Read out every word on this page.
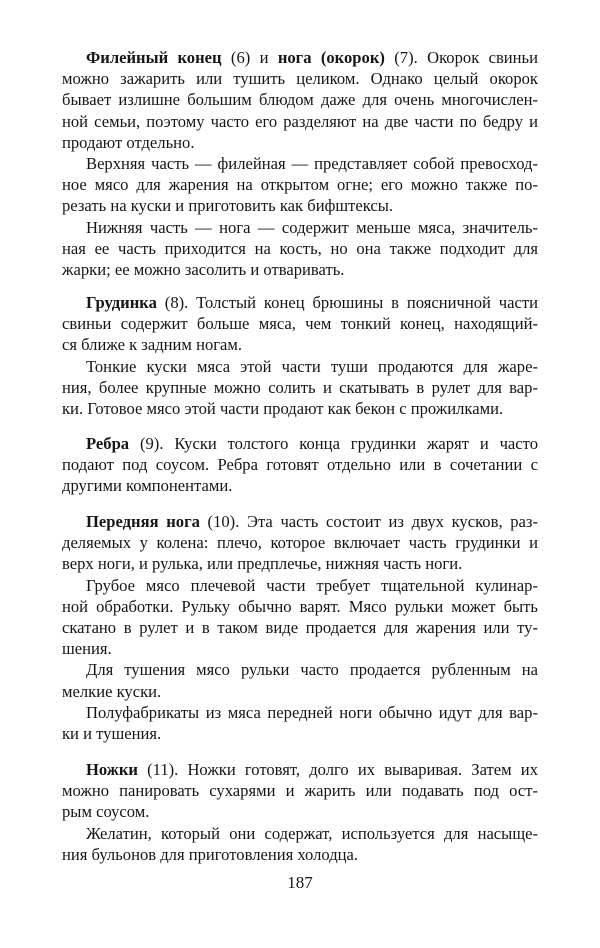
Филейный конец (6) и нога (окорок) (7). Окорок свиньи
можно зажарить или тушить целиком. Однако целый окорок
бывает излишне большим блюдом даже для очень многочислен-
ной семьи, поэтому часто его разделяют на две части по бедру и
продают отдельно.
Верхняя часть — филейная — представляет собой превосход-
ное мясо для жарения на открытом огне; его можно также по-
резать на куски и приготовить как бифштексы.
Нижняя часть — нога — содержит меньше мяса, значитель-
ная ее часть приходится на кость, но она также подходит для
жарки; ее можно засолить и отваривать.
Грудинка (8). Толстый конец брюшины в поясничной части
свиньи содержит больше мяса, чем тонкий конец, находящий-
ся ближе к задним ногам.
Тонкие куски мяса этой части туши продаются для жаре-
ния, более крупные можно солить и скатывать в рулет для вар-
ки. Готовое мясо этой части продают как бекон с прожилками.
Ребра (9). Куски толстого конца грудинки жарят и часто
подают под соусом. Ребра готовят отдельно или в сочетании с
другими компонентами.
Передняя нога (10). Эта часть состоит из двух кусков, раз-
деляемых у колена: плечо, которое включает часть грудинки и
верх ноги, и рулька, или предплечье, нижняя часть ноги.
Грубое мясо плечевой части требует тщательной кулинар-
ной обработки. Рульку обычно варят. Мясо рульки может быть
скатано в рулет и в таком виде продается для жарения или ту-
шения.
Для тушения мясо рульки часто продается рубленным на
мелкие куски.
Полуфабрикаты из мяса передней ноги обычно идут для вар-
ки и тушения.
Ножки (11). Ножки готовят, долго их вываривая. Затем их
можно панировать сухарями и жарить или подавать под ост-
рым соусом.
Желатин, который они содержат, используется для насыще-
ния бульонов для приготовления холодца.
187
